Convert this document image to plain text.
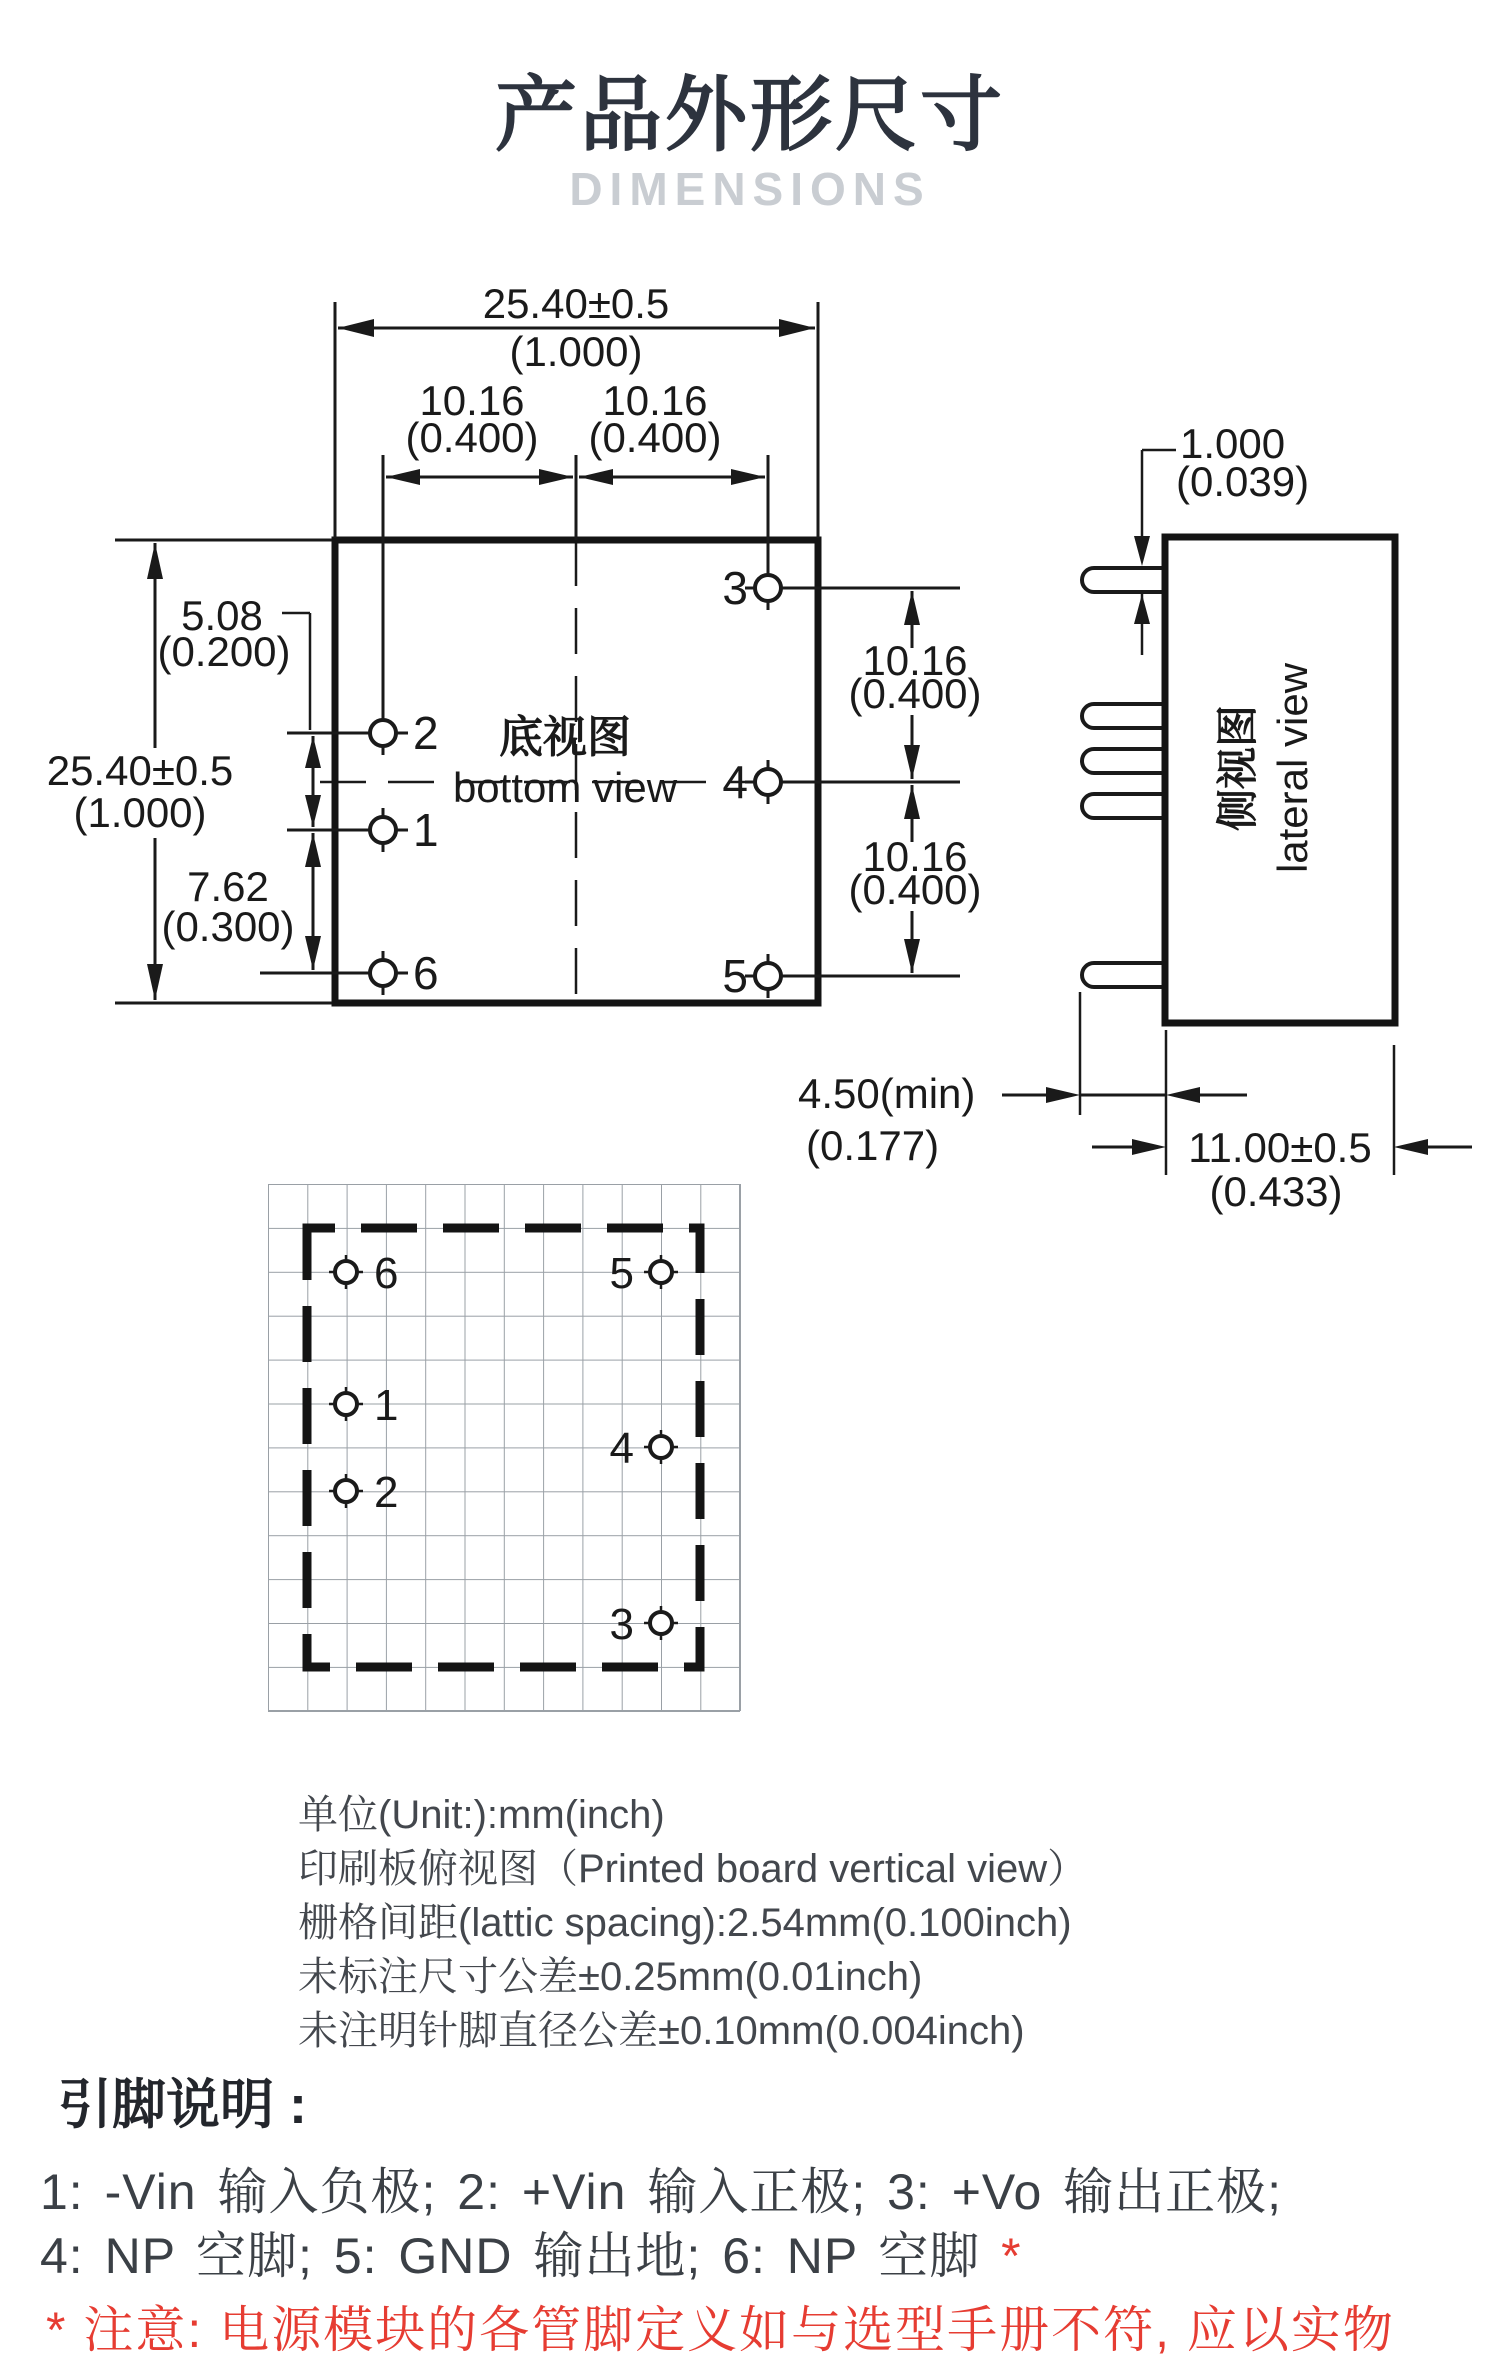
产品外形尺寸
DIMENSIONS
25.40±0.5
(1.000)
10.16
(0.400)
10.16
(0.400)
25.40±0.5
(1.000)
5.08
(0.200)
7.62
(0.300)
10.16
(0.400)
10.16
(0.400)
2
1
6
3
4
5
底视图
bottom view	侧视图 lateral view
1.000
(0.039)
4.50(min)
(0.177)	11.00±0.5
(0.433)
6
1
2
5
4
3
单位(Unit:):mm(inch)
印刷板俯视图（Printed board vertical view）
栅格间距(lattic spacing):2.54mm(0.100inch)
未标注尺寸公差±0.25mm(0.01inch)
未注明针脚直径公差±0.10mm(0.004inch)
引脚说明 :
1: -Vin 输入负极; 2: +Vin 输入正极; 3: +Vo 输出正极;
4: NP 空脚; 5: GND 输出地; 6: NP 空脚 *
* 注意: 电源模块的各管脚定义如与选型手册不符, 应以实物
